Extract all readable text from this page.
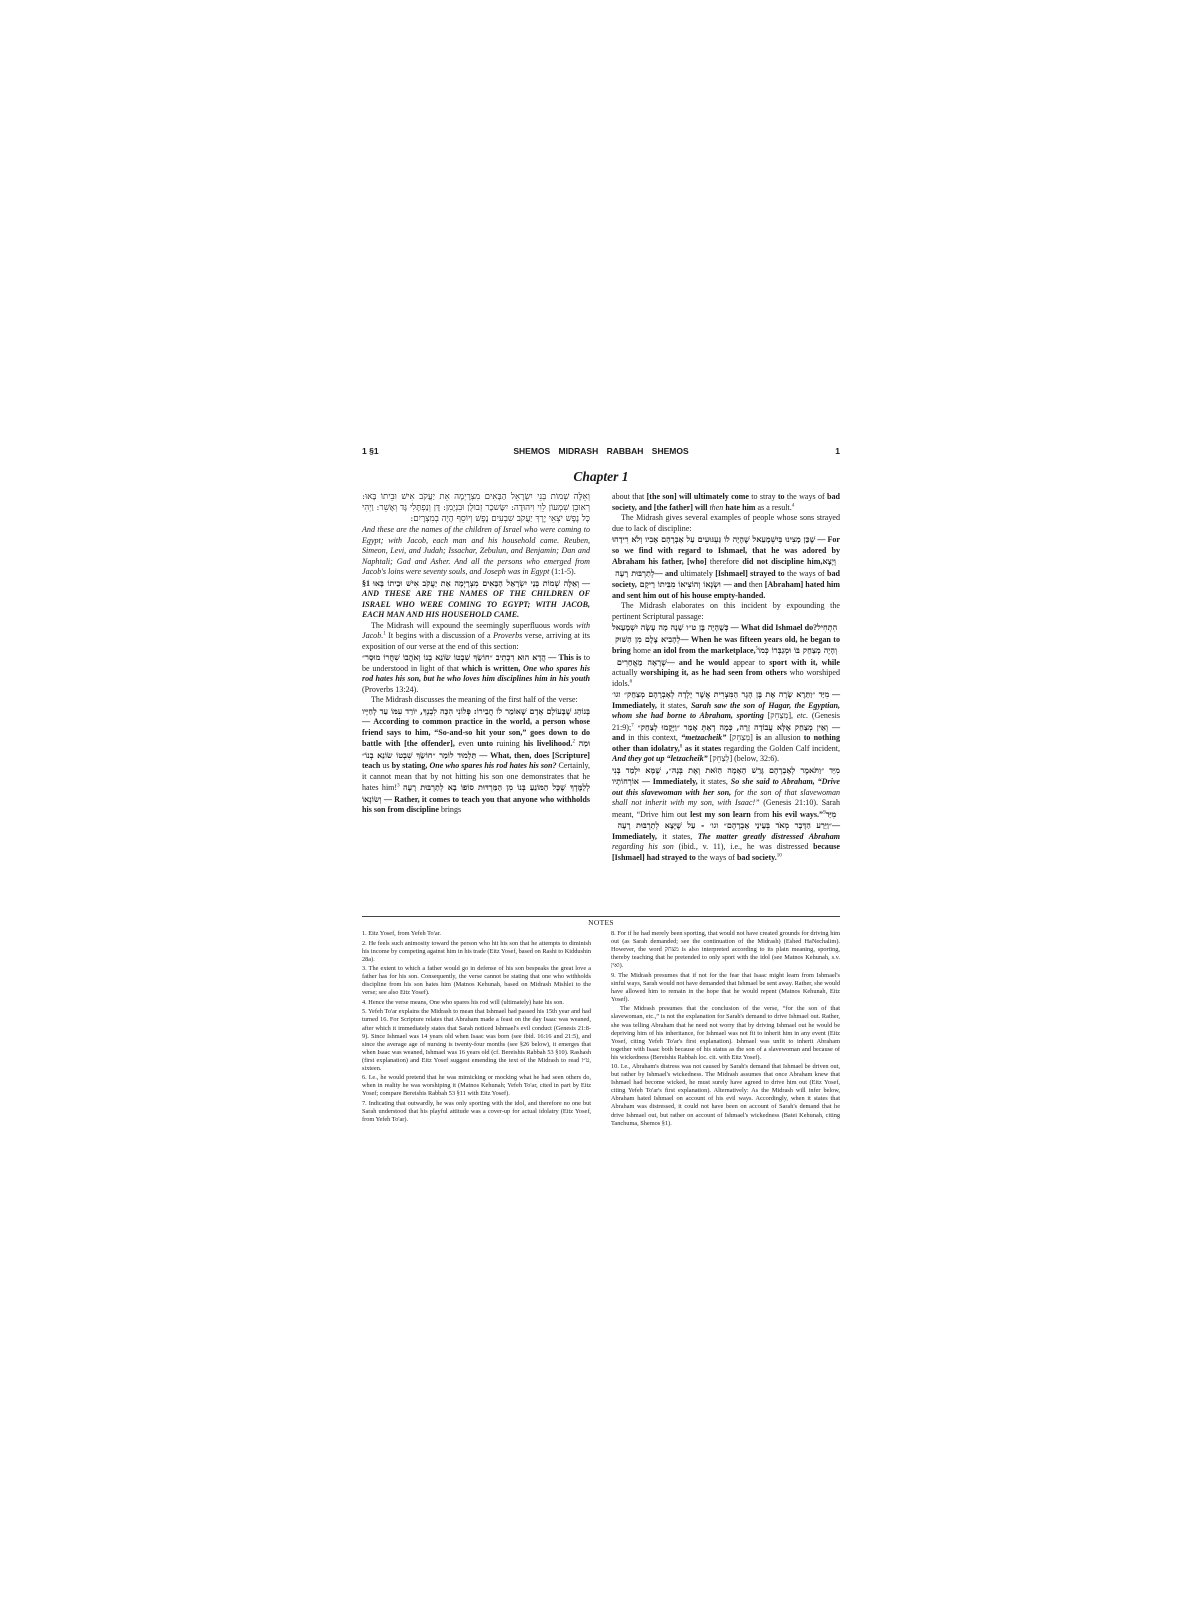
1 §1	SHEMOS MIDRASH RABBAH SHEMOS	1
Chapter 1

וְאֵלֶּה שְׁמוֹת בְּנֵי יִשְׂרָאֵל הַבָּאִים מִצְרָיְמָה אֵת יַעֲקֹב אִישׁ וּבֵיתוֹ בָּאוּ: רְאוּבֵן שִׁמְעוֹן לֵוִי וִיהוּדָה: יִשָּׂשכָר זְבוּלֻן וּבִנְיָמִן: דָּן וְנַפְתָּלִי גָּד וְאָשֵׁר: וַיְהִי כָּל נֶפֶשׁ יֹצְאֵי יֶרֶךְ יַעֲקֹב שִׁבְעִים נָפֶשׁ וְיוֹסֵף הָיָה בְמִצְרָיִם:

And these are the names of the children of Israel who were coming to Egypt; with Jacob, each man and his household came. Reuben, Simeon, Levi, and Judah; Issachar, Zebulun, and Benjamin; Dan and Naphtali; Gad and Asher. And all the persons who emerged from Jacob's loins were seventy souls, and Joseph was in Egypt (1:1-5).

§1 וְאֵלֶּה שְׁמוֹת בְּנֵי יִשְׂרָאֵל הַבָּאִים מִצְרָיְמָה אֵת יַעֲקֹב אִישׁ וּבֵיתוֹ בָּאוּ — AND THESE ARE THE NAMES OF THE CHILDREN OF ISRAEL WHO WERE COMING TO EGYPT; WITH JACOB, EACH MAN AND HIS HOUSEHOLD CAME.

The Midrash will expound the seemingly superfluous words with Jacob.$^1$ It begins with a discussion of a Proverbs verse, arriving at its exposition of our verse at the end of this section:

הֲדָא הוּא דִכְתִיב ״חוֹשֵׂךְ שִׁבְטוֹ שׂוֹנֵא בְנוֹ וְאֹהֲבוֹ שִׁחֲרוֹ מוּסָר״ — This is to be understood in light of that which is written, One who spares his rod hates his son, but he who loves him disciplines him in his youth (Proverbs 13:24).

The Midrash discusses the meaning of the first half of the verse:

בְּנוֹהַג שֶׁבָּעוֹלָם אָדָם שֶׁאוֹמֵר לוֹ חֲבֵירוֹ: פְּלוֹנִי הִכָּה לִבְנְךָ, יוֹרֵד עִמּוֹ עַד לְחַיָּיו — According to common practice in the world, a person whose friend says to him, “So-and-so hit your son,” goes down to do battle with [the offender], even unto ruining his livelihood.$^2$ וּמַה תַּלְמוּד לוֹמַר ״חוֹשֵׂךְ שִׁבְטוֹ שׂוֹנֵא בְנוֹ״ — What, then, does [Scripture] teach us by stating, One who spares his rod hates his son? Certainly, it cannot mean that by not hitting his son one demonstrates that he hates him!$^3$ לְלַמֶּדְךָ שֶׁכָּל הַמּוֹנֵעַ בְּנוֹ מִן הַמַּרְדּוּת סוֹפוֹ בָא לְתַרְבּוּת רָעָה וְשׂוֹנְאוֹ — Rather, it comes to teach you that anyone who withholds his son from discipline brings

about that [the son] will ultimately come to stray to the ways of bad society, and [the father] will then hate him as a result.$^4$

The Midrash gives several examples of people whose sons strayed due to lack of discipline:

שֶׁכֵּן מָצִינוּ בְּיִשְׁמָעֵאל שֶׁהָיָה לוֹ גַּעְגּוּעִים עַל אַבְרָהָם אָבִיו וְלֹא רִידָהוּ — For so we find with regard to Ishmael, that he was adored by Abraham his father, [who] therefore did not discipline him, וְיָצָא לְתַרְבּוּת רָעָה — and ultimately [Ishmael] strayed to the ways of bad society, וּשְׂנָאוֹ וְהוֹצִיאוֹ מִבֵּיתוֹ רֵיקָם — and then [Abraham] hated him and sent him out of his house empty-handed.

The Midrash elaborates on this incident by expounding the pertinent Scriptural passage:

כְּשֶׁהָיָה בֶּן ט״ו שָׁנָה מָה עָשָׂה יִשְׁמָעֵאל — What did Ishmael do? הִתְחִיל לְהָבִיא צֶלֶם מִן הַשּׁוּק — When he was fifteen years old, he began to bring home an idol from the marketplace,$^5$ וְהָיָה מְצַחֵק בּוֹ וּמְגַבְּרוֹ כְּמוֹ שֶׁרָאָה מֵאֲחֵרִים — and he would appear to sport with it, while actually worshiping it, as he had seen from others who worshiped idols.$^6$

מִיַּד ״וַתֵּרֶא שָׂרָה אֶת בֶּן הָגָר הַמִּצְרִית אֲשֶׁר יָלְדָה לְאַבְרָהָם מְצַחֵק״ וגו׳ — Immediately, it states, Sarah saw the son of Hagar, the Egyptian, whom she had borne to Abraham, sporting [מְצַחֵק], etc. (Genesis 21:9);$^7$ וְאֵין מְצַחֵק אֶלָּא עֲבוֹדָה זָרָה, כְּמָה דְאַתְּ אָמַר ״וַיָּקֻמוּ לְצַחֵק״ — and in this context, “metzacheik” [מְצַחֵק] is an allusion to nothing other than idolatry,$^8$ as it states regarding the Golden Calf incident, And they got up “letzacheik” [לְצַחֵק] (below, 32:6).

מִיַּד ״וַתֹּאמֶר לְאַבְרָהָם גָּרֵשׁ הָאָמָה הַזֹּאת וְאֶת בְּנָהּ״, שֶׁמָּא יִלְמַד בְּנִי אוֹרְחוֹתָיו — Immediately, it states, So she said to Abraham, “Drive out this slavewoman with her son, for the son of that slavewoman shall not inherit with my son, with Isaac!” (Genesis 21:10). Sarah meant, “Drive him out lest my son learn from his evil ways.”$^9$ מִיַּד ״וַיֵּרַע הַדָּבָר מְאֹד בְּעֵינֵי אַבְרָהָם״ וגו׳ - עַל שֶׁיָּצָא לְתַרְבּוּת רָעָה — Immediately, it states, The matter greatly distressed Abraham regarding his son (ibid., v. 11), i.e., he was distressed because [Ishmael] had strayed to the ways of bad society.$^{10}$

NOTES

1. Eitz Yosef, from Yefeh To'ar.

2. He feels such animosity toward the person who hit his son that he attempts to diminish his income by competing against him in his trade (Eitz Yosef, based on Rashi to Kiddushin 28a).

3. The extent to which a father would go in defense of his son bespeaks the great love a father has for his son. Consequently, the verse cannot be stating that one who withholds discipline from his son hates him (Matnos Kehunah, based on Midrash Mishlei to the verse; see also Eitz Yosef).

4. Hence the verse means, One who spares his rod will (ultimately) hate his son.

5. Yefeh To'ar explains the Midrash to mean that Ishmael had passed his 15th year and had turned 16. For Scripture relates that Abraham made a feast on the day Isaac was weaned, after which it immediately states that Sarah noticed Ishmael's evil conduct (Genesis 21:8-9). Since Ishmael was 14 years old when Isaac was born (see ibid. 16:16 and 21:5), and since the average age of nursing is twenty-four months (see §26 below), it emerges that when Isaac was weaned, Ishmael was 16 years old (cf. Bereishis Rabbah 53 §10). Rashash (first explanation) and Eitz Yosef suggest emending the text of the Midrash to read ט״ז, sixteen.

6. I.e., he would pretend that he was mimicking or mocking what he had seen others do, when in reality he was worshiping it (Matnos Kehunah; Yefeh To'ar, cited in part by Eitz Yosef; compare Bereishis Rabbah 53 §11 with Eitz Yosef).

7. Indicating that outwardly, he was only sporting with the idol, and therefore no one but Sarah understood that his playful attitude was a cover-up for actual idolatry (Eitz Yosef, from Yefeh To'ar).

8. For if he had merely been sporting, that would not have created grounds for driving him out (as Sarah demanded; see the continuation of the Midrash) (Eshed HaNechalim). However, the word מצחק is also interpreted according to its plain meaning, sporting, thereby teaching that he pretended to only sport with the idol (see Matnos Kehunah, s.v. ואין).

9. The Midrash presumes that if not for the fear that Isaac might learn from Ishmael's sinful ways, Sarah would not have demanded that Ishmael be sent away. Rather, she would have allowed him to remain in the hope that he would repent (Matnos Kehunah, Eitz Yosef).

The Midrash presumes that the conclusion of the verse, “for the son of that slavewoman, etc.,” is not the explanation for Sarah's demand to drive Ishmael out. Rather, she was telling Abraham that he need not worry that by driving Ishmael out he would be depriving him of his inheritance, for Ishmael was not fit to inherit him in any event (Eitz Yosef, citing Yefeh To'ar's first explanation). Ishmael was unfit to inherit Abraham together with Isaac both because of his status as the son of a slavewoman and because of his wickedness (Bereishis Rabbah loc. cit. with Eitz Yosef).

10. I.e., Abraham's distress was not caused by Sarah's demand that Ishmael be driven out, but rather by Ishmael's wickedness. The Midrash assumes that once Abraham knew that Ishmael had become wicked, he must surely have agreed to drive him out (Eitz Yosef, citing Yefeh To'ar's first explanation). Alternatively: As the Midrash will infer below, Abraham hated Ishmael on account of his evil ways. Accordingly, when it states that Abraham was distressed, it could not have been on account of Sarah's demand that he drive Ishmael out, but rather on account of Ishmael's wickedness (Batei Kehunah, citing Tanchuma, Shemos §1).
